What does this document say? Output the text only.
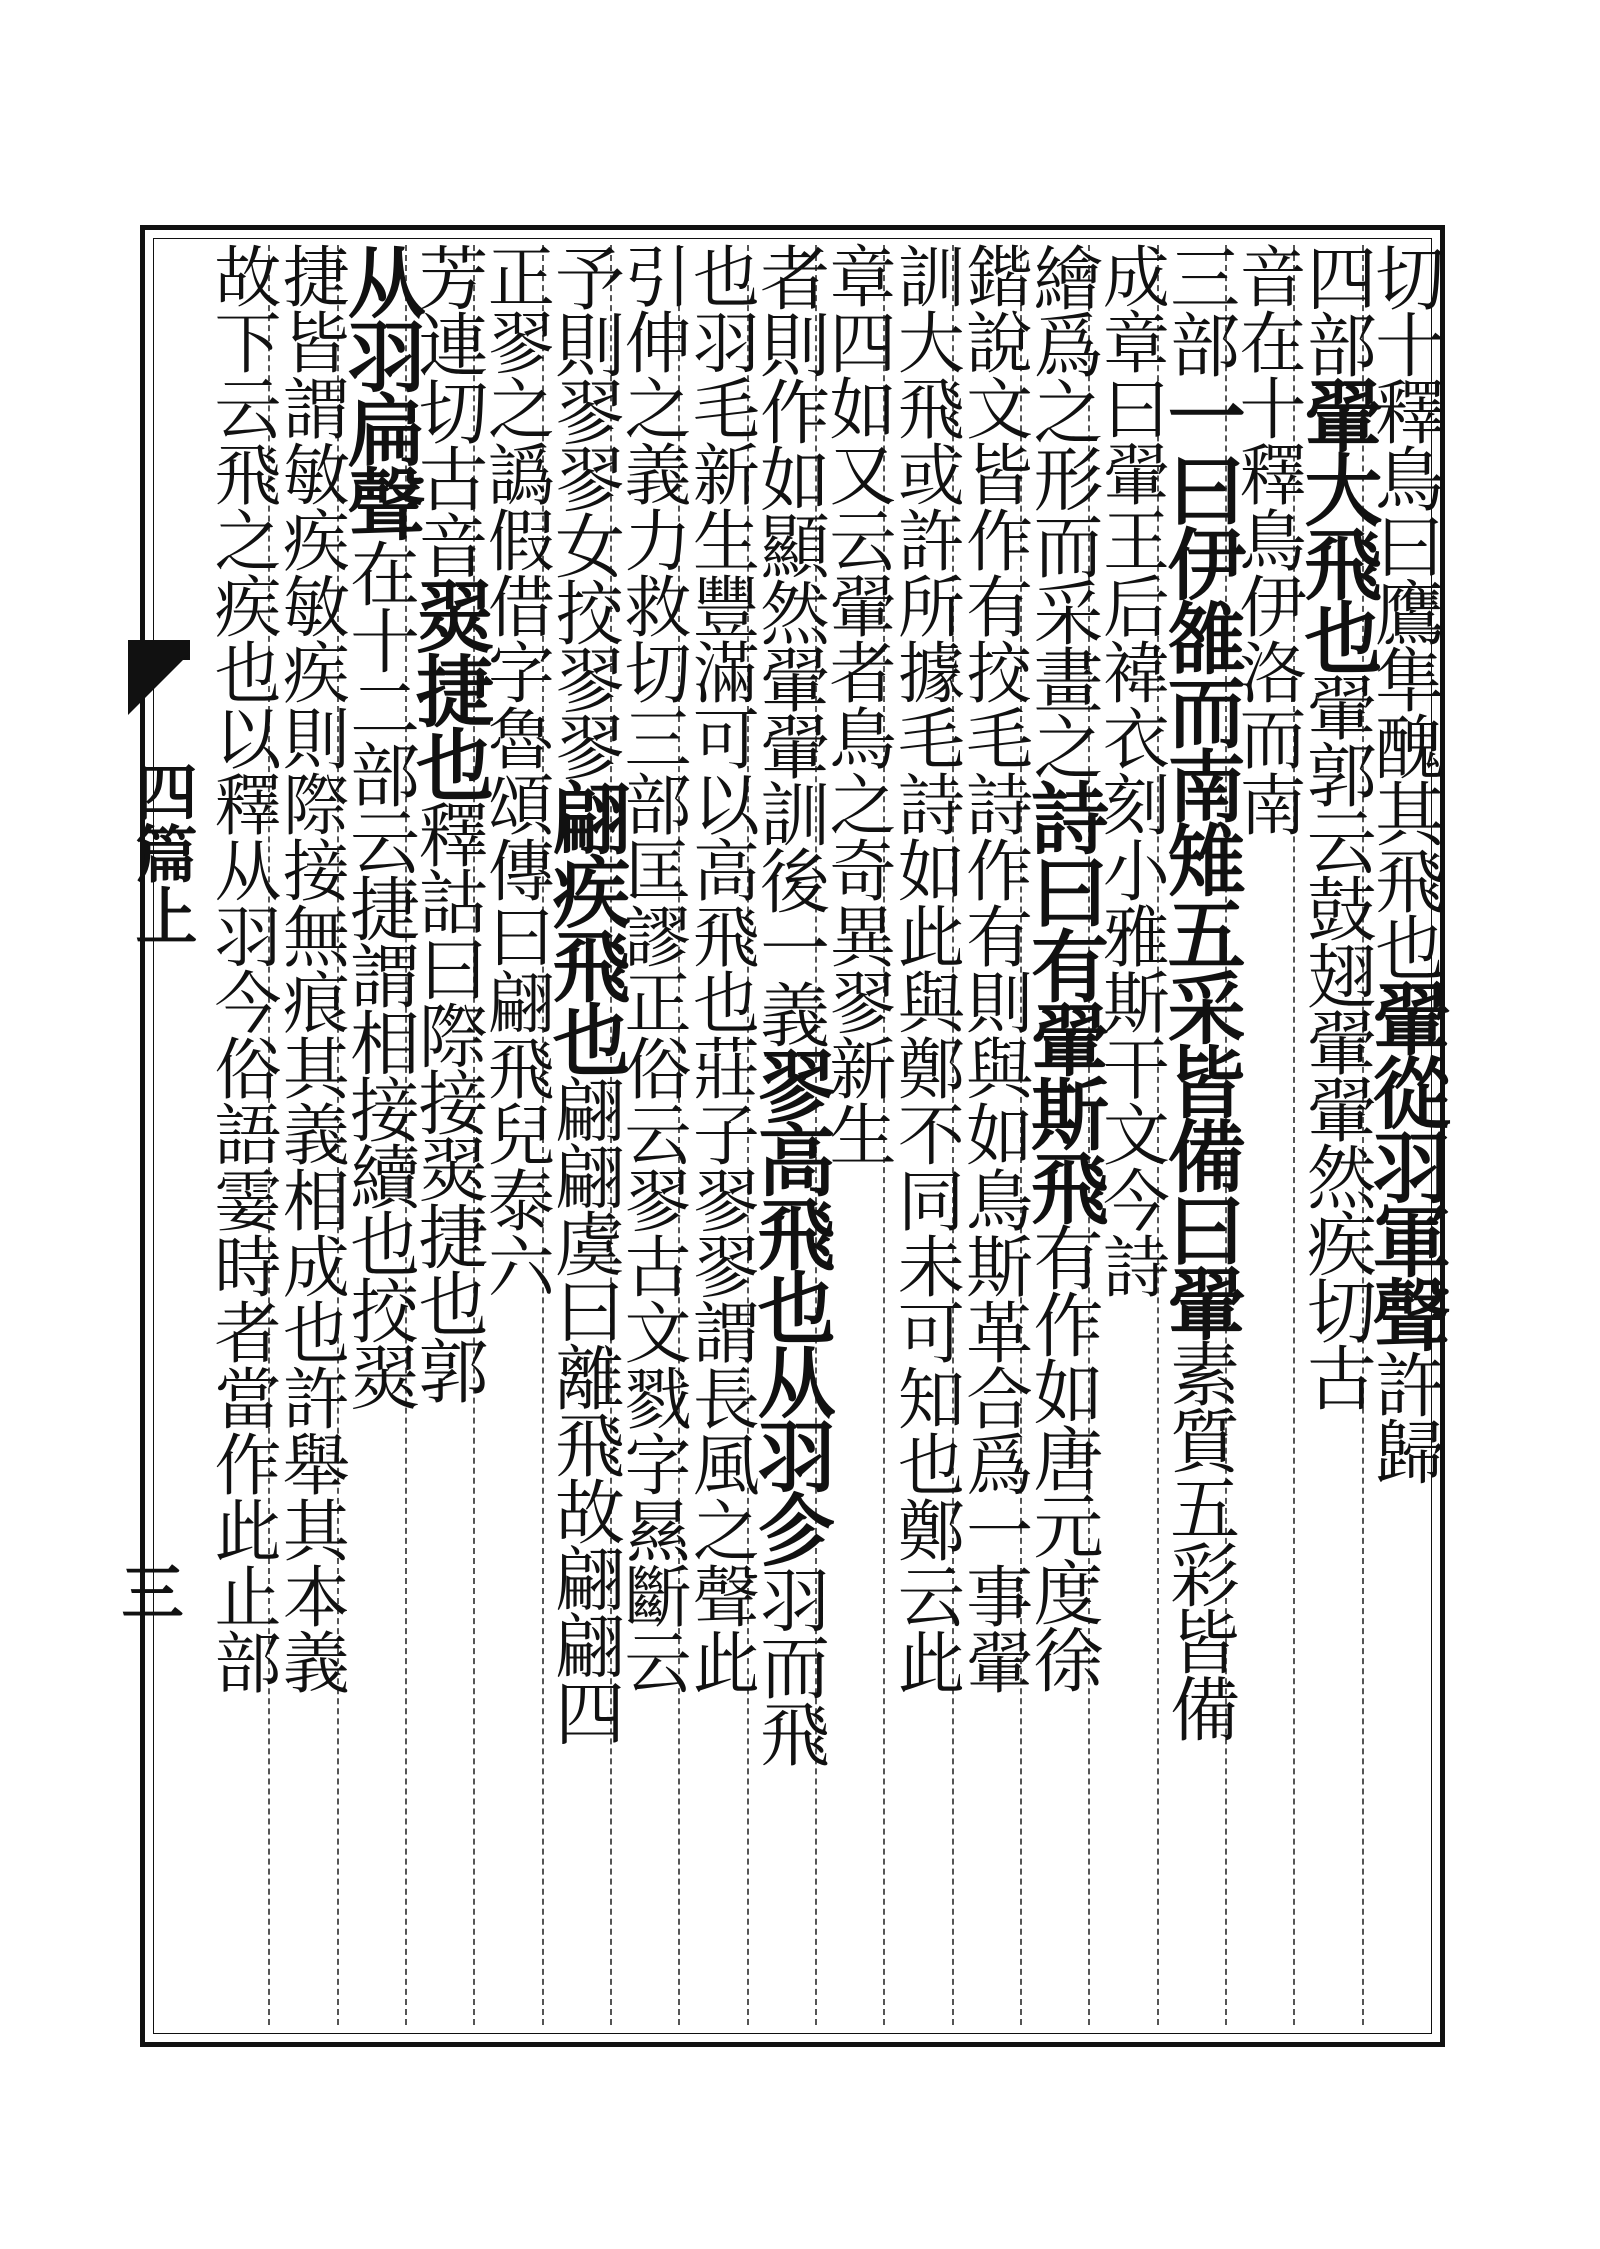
四篇上
三
切十釋鳥曰鷹隼醜其飛也翬從羽軍聲許歸
四部翬大飛也翬郭云鼓翅翬翬然疾切古
音在十釋鳥伊洛而南
三部一曰伊雒而南雉五采皆備曰翬素質五彩皆備
成章曰翬王后褘衣刻小雅斯干文今詩
繪爲之形而采畫之詩曰有翬斯飛有作如唐元度徐
鍇說文皆作有挍毛詩作有則與如鳥斯革合爲一事翬
訓大飛或許所據毛詩如此與鄭不同未可知也鄭云此
章四如又云翬者鳥之奇異翏新生
者則作如顯然翬翬訓後一義翏高飛也从羽㐱羽而飛
也羽毛新生豐滿可以高飛也莊子翏翏謂長風之聲此
引伸之義力救切三部匡謬正俗云翏古文戮字㬎斷云
予則翏翏女挍翏翏翩疾飛也翩翩虞曰離飛故翩翩四
正翏之譌假借字魯頌傳曰翩飛兒泰六
芳連切古音翜捷也釋詁曰際接翜捷也郭
从羽扁聲在十二部云捷謂相接續也挍翜
捷皆謂敏疾敏疾則際接無痕其義相成也許舉其本義
故下云飛之疾也以釋从羽今俗語霎時者當作此止部
